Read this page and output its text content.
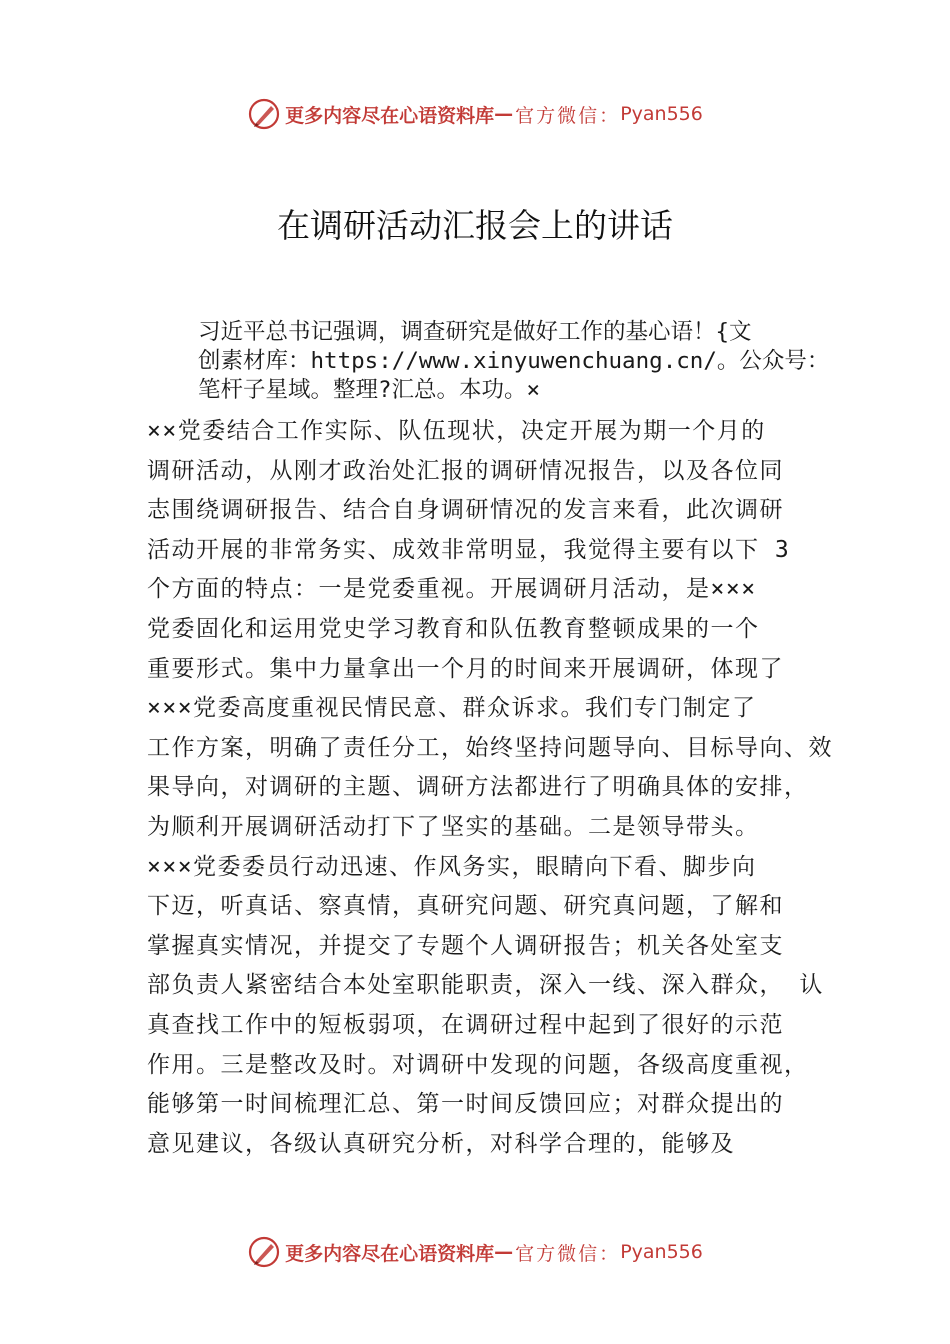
更多内容尽在心语资料库 — 官方微信： Pyan556
在调研活动汇报会上的讲话
习近平总书记强调，调查研究是做好工作的基心语！{文
创素材库：https://www.xinyuwenchuang.cn/。公众号：
笔杆子星域。整理?汇总。本功。×
××党委结合工作实际、队伍现状，决定开展为期一个月的
调研活动，从刚才政治处汇报的调研情况报告，以及各位同
志围绕调研报告、结合自身调研情况的发言来看，此次调研
活动开展的非常务实、成效非常明显，我觉得主要有以下 3
个方面的特点：一是党委重视。开展调研月活动，是×××
党委固化和运用党史学习教育和队伍教育整顿成果的一个
重要形式。集中力量拿出一个月的时间来开展调研，体现了
×××党委高度重视民情民意、群众诉求。我们专门制定了
工作方案，明确了责任分工，始终坚持问题导向、目标导向、效
果导向，对调研的主题、调研方法都进行了明确具体的安排，
为顺利开展调研活动打下了坚实的基础。二是领导带头。
×××党委委员行动迅速、作风务实，眼睛向下看、脚步向
下迈，听真话、察真情，真研究问题、研究真问题，了解和
掌握真实情况，并提交了专题个人调研报告；机关各处室支
部负责人紧密结合本处室职能职责，深入一线、深入群众， 认
真查找工作中的短板弱项，在调研过程中起到了很好的示范
作用。三是整改及时。对调研中发现的问题，各级高度重视，
能够第一时间梳理汇总、第一时间反馈回应；对群众提出的
意见建议，各级认真研究分析，对科学合理的，能够及
更多内容尽在心语资料库 — 官方微信： Pyan556
